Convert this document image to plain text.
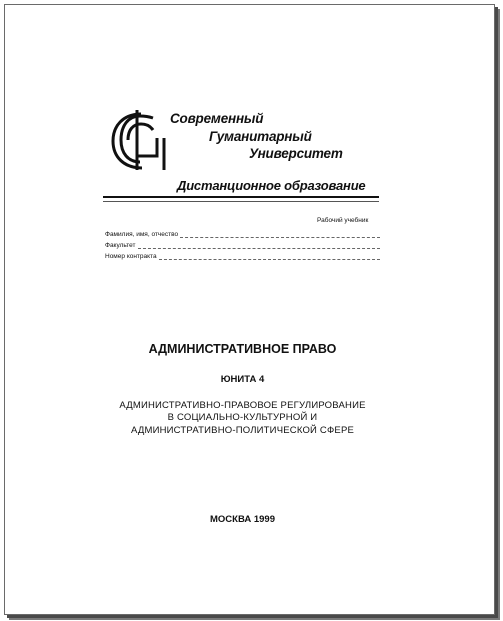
Современный
Гуманитарный
Университет
Дистанционное образование
Рабочий учебник
Фамилия, имя, отчество
Факультет
Номер контракта
АДМИНИСТРАТИВНОЕ ПРАВО
ЮНИТА 4
АДМИНИСТРАТИВНО-ПРАВОВОЕ РЕГУЛИРОВАНИЕ
В СОЦИАЛЬНО-КУЛЬТУРНОЙ И
АДМИНИСТРАТИВНО-ПОЛИТИЧЕСКОЙ СФЕРЕ
МОСКВА 1999
